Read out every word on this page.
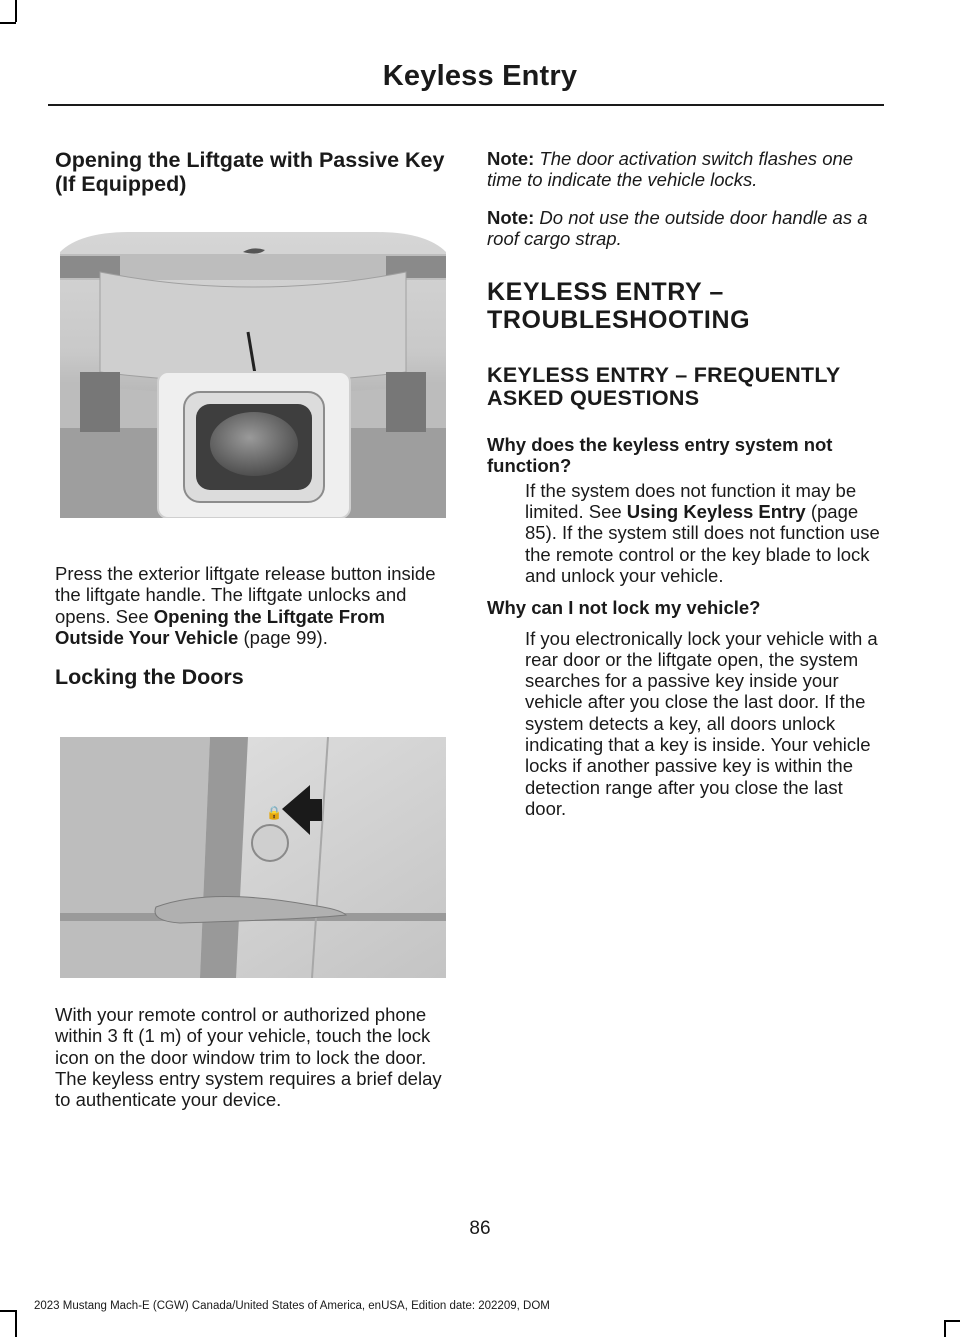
Keyless Entry
Opening the Liftgate with Passive Key (If Equipped)

Press the exterior liftgate release button inside the liftgate handle. The liftgate unlocks and opens. See Opening the Liftgate From Outside Your Vehicle (page 99).

Locking the Doors
🔒

With your remote control or authorized phone within 3 ft (1 m) of your vehicle, touch the lock icon on the door window trim to lock the door. The keyless entry system requires a brief delay to authenticate your device.

Note: The door activation switch flashes one time to indicate the vehicle locks.

Note: Do not use the outside door handle as a roof cargo strap.

KEYLESS ENTRY –
TROUBLESHOOTING
KEYLESS ENTRY – FREQUENTLY ASKED QUESTIONS

Why does the keyless entry system not function?

If the system does not function it may be limited. See Using Keyless Entry (page 85). If the system still does not function use the remote control or the key blade to lock and unlock your vehicle.

Why can I not lock my vehicle?

If you electronically lock your vehicle with a rear door or the liftgate open, the system searches for a passive key inside your vehicle after you close the last door. If the system detects a key, all doors unlock indicating that a key is inside. Your vehicle locks if another passive key is within the detection range after you close the last door.

86
2023 Mustang Mach-E (CGW) Canada/United States of America, enUSA, Edition date: 202209, DOM
